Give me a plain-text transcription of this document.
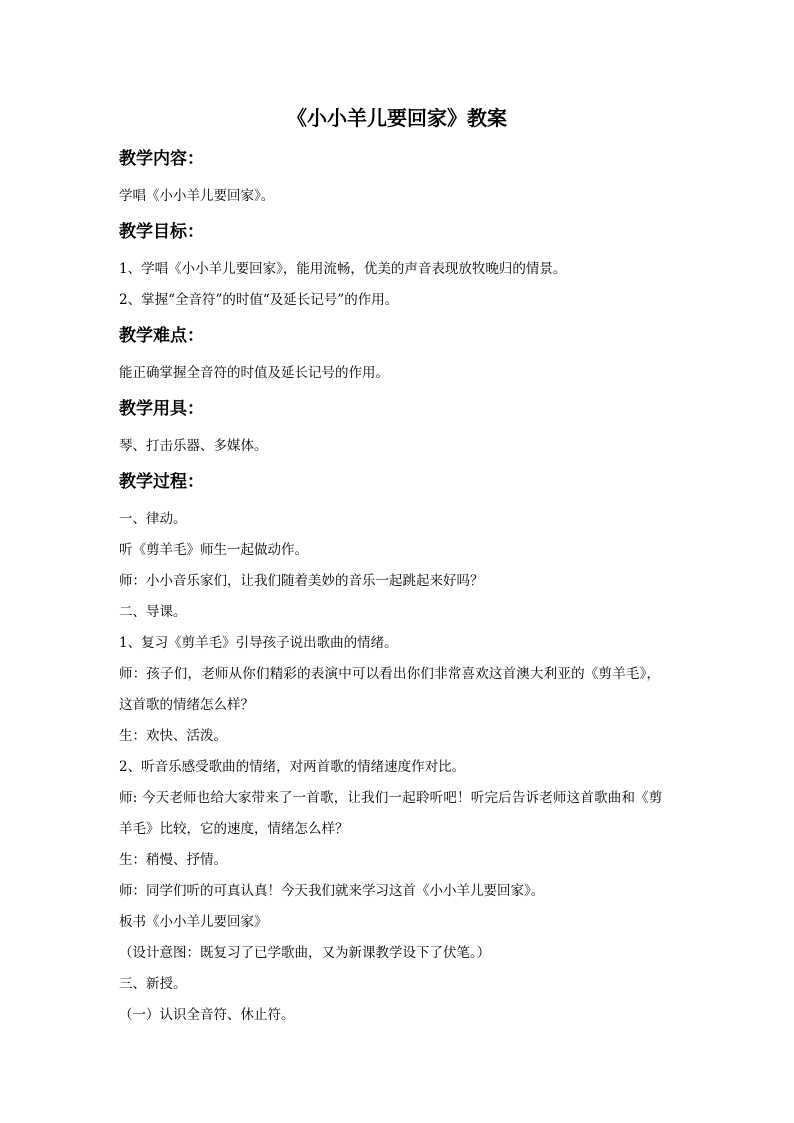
《小小羊儿要回家》教案
教学内容：
学唱《小小羊儿要回家》。
教学目标：
1、学唱《小小羊儿要回家》，能用流畅，优美的声音表现放牧晚归的情景。
2、掌握“全音符”的时值“及延长记号”的作用。
教学难点：
能正确掌握全音符的时值及延长记号的作用。
教学用具：
琴、打击乐器、多媒体。
教学过程：
一、律动。
听《剪羊毛》师生一起做动作。
师：小小音乐家们，让我们随着美妙的音乐一起跳起来好吗？
二、导课。
1、复习《剪羊毛》引导孩子说出歌曲的情绪。
师：孩子们，老师从你们精彩的表演中可以看出你们非常喜欢这首澳大利亚的《剪羊毛》，
这首歌的情绪怎么样？
生：欢快、活泼。
2、听音乐感受歌曲的情绪，对两首歌的情绪速度作对比。
师: 今天老师也给大家带来了一首歌，让我们一起聆听吧！听完后告诉老师这首歌曲和《剪
羊毛》比较，它的速度，情绪怎么样？
生：稍慢、抒情。
师：同学们听的可真认真！今天我们就来学习这首《小小羊儿要回家》。
板书《小小羊儿要回家》
（设计意图：既复习了已学歌曲，又为新课教学设下了伏笔。）
三、新授。
（一）认识全音符、休止符。
